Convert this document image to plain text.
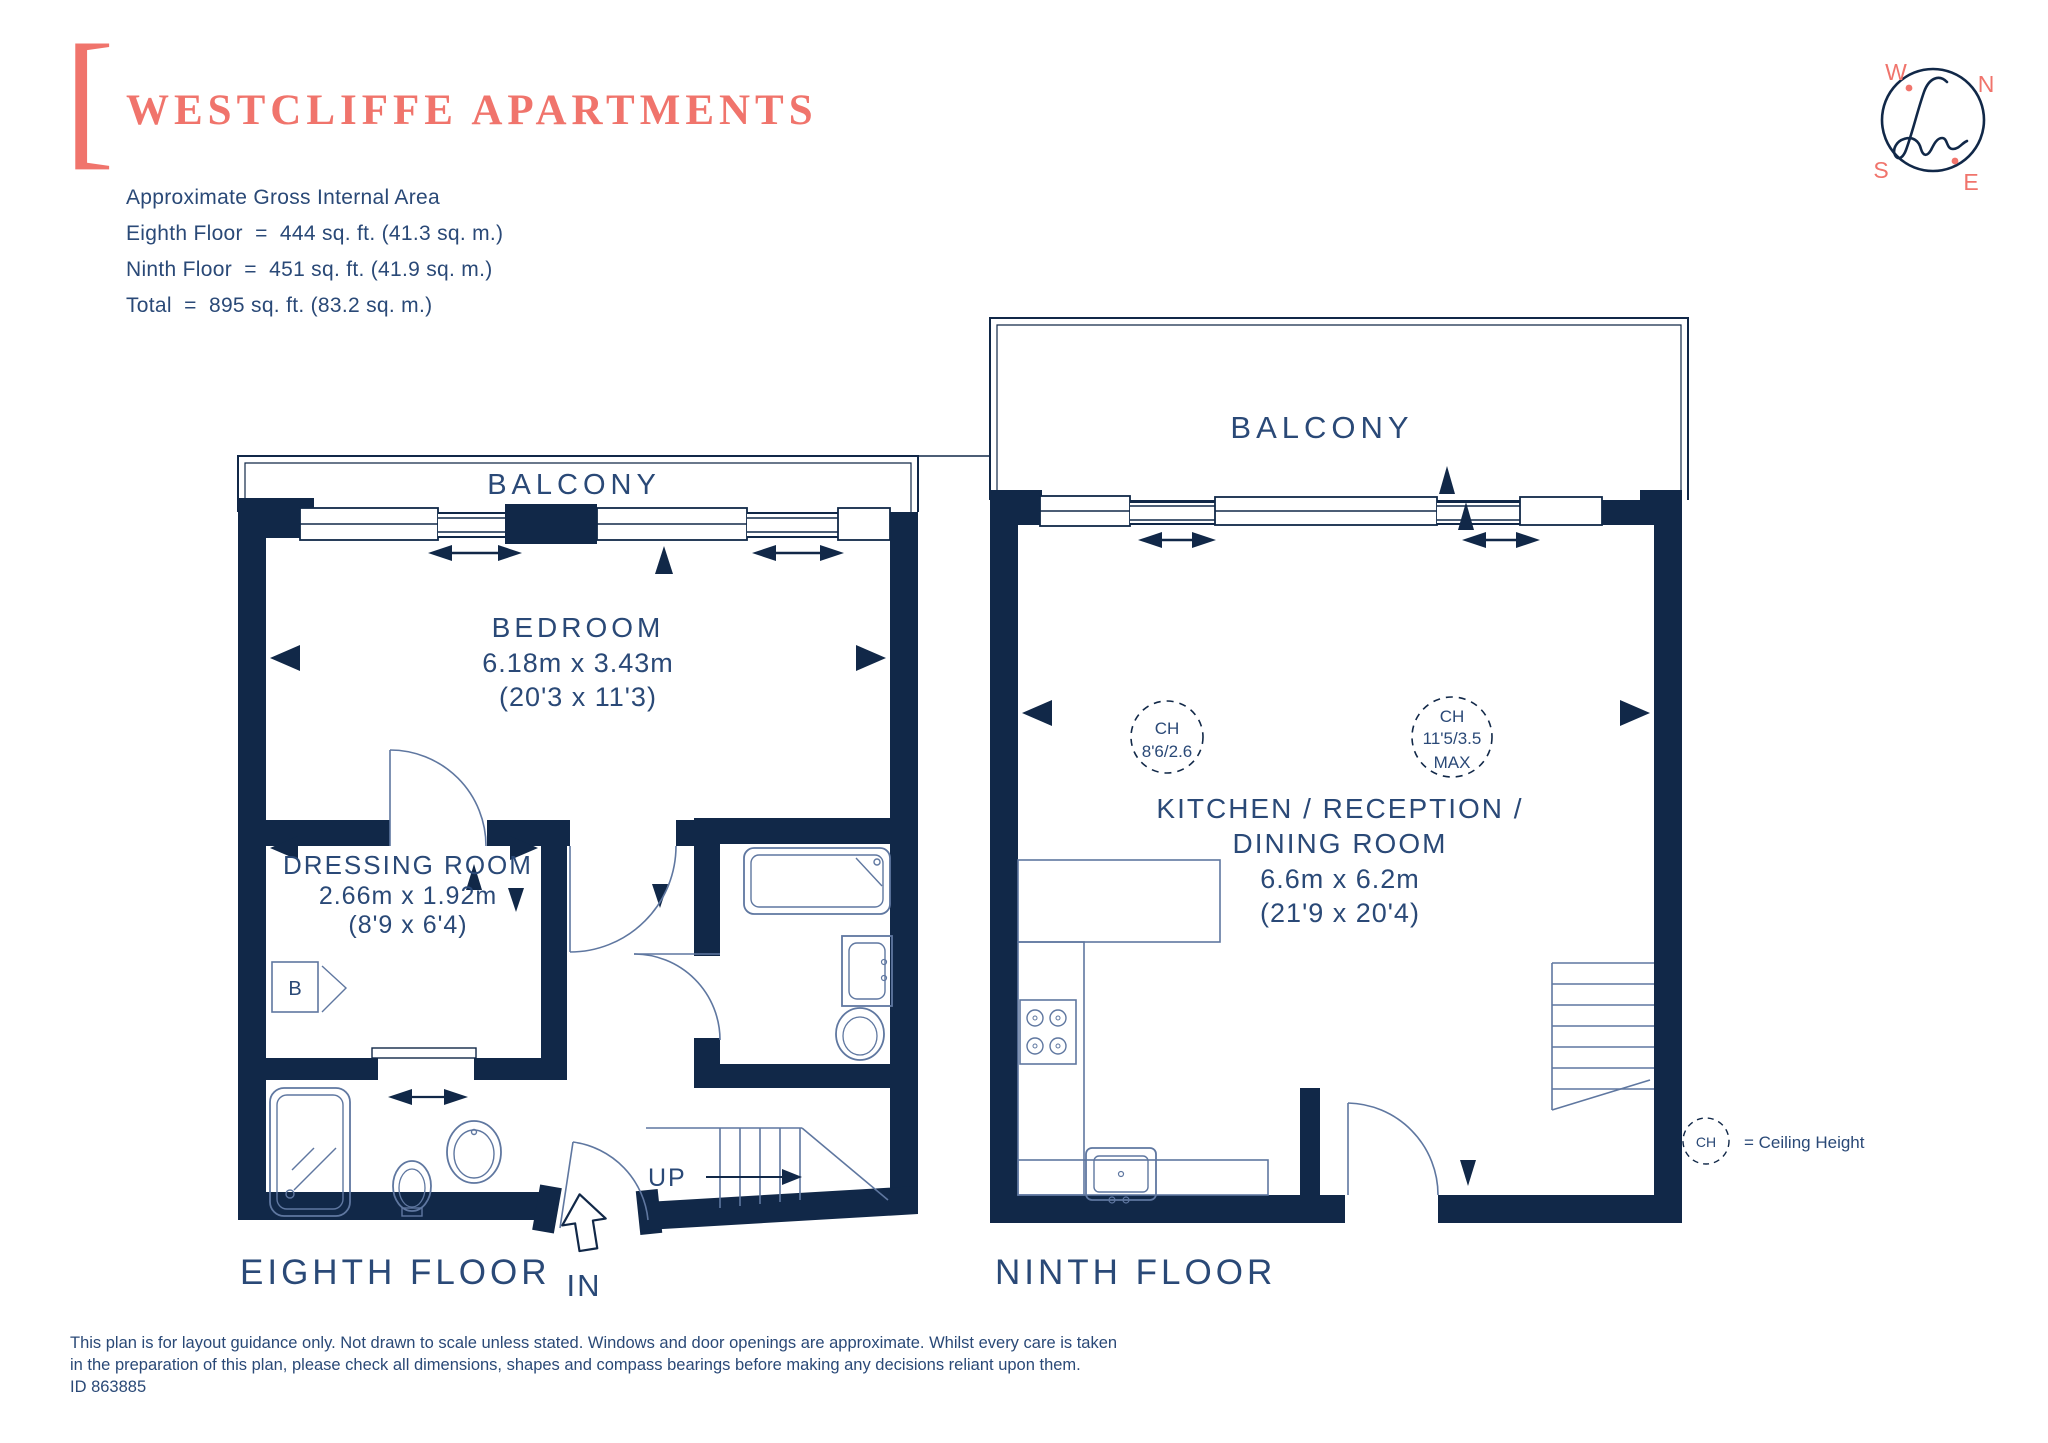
[ WESTCLIFFE APARTMENTS
Approximate Gross Internal Area
Eighth Floor  =  444 sq. ft. (41.3 sq. m.)
Ninth Floor  =  451 sq. ft. (41.9 sq. m.)
Total  =  895 sq. ft. (83.2 sq. m.)
This plan is for layout guidance only. Not drawn to scale unless stated. Windows and door openings are approximate. Whilst every care is taken
in the preparation of this plan, please check all dimensions, shapes and compass bearings before making any decisions reliant upon them.
ID 863885
W	N
S	E
BALCONY
B
UP
IN
BEDROOM
6.18m x 3.43m
(20'3 x 11'3)
DRESSING ROOM
2.66m x 1.92m
(8'9 x 6'4)
EIGHTH FLOOR
BALCONY
CH
8'6/2.6
CH
11'5/3.5
MAX
KITCHEN / RECEPTION /
DINING ROOM
6.6m x 6.2m
(21'9 x 20'4)
NINTH FLOOR
CH = Ceiling Height
